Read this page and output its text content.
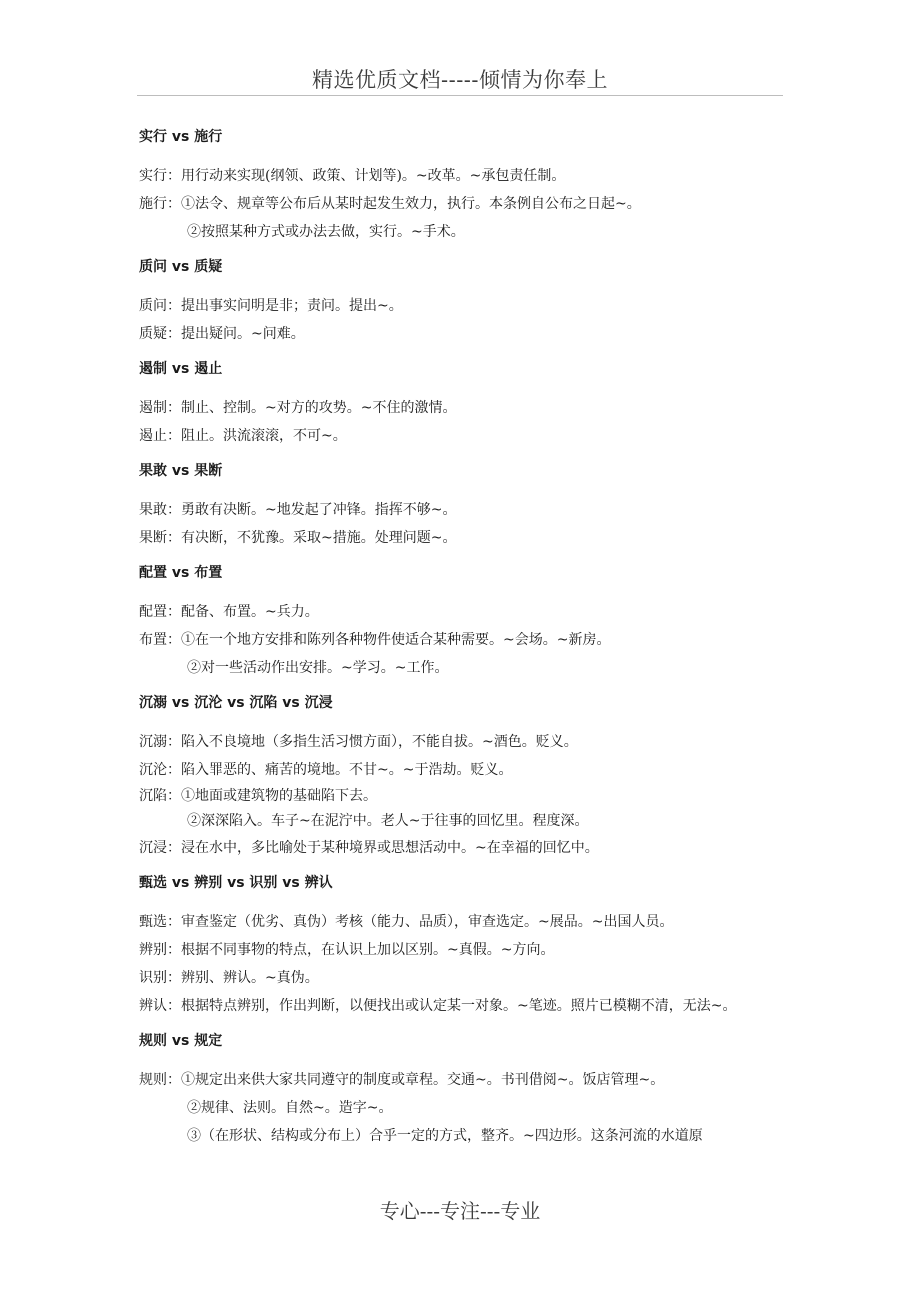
精选优质文档-----倾情为你奉上
实行 vs 施行
实行：用行动来实现(纲领、政策、计划等)。~改革。~承包责任制。
施行：①法令、规章等公布后从某时起发生效力，执行。本条例自公布之日起~。
②按照某种方式或办法去做，实行。~手术。
质问 vs 质疑
质问：提出事实问明是非；责问。提出~。
质疑：提出疑问。~问难。
遏制 vs 遏止
遏制：制止、控制。~对方的攻势。~不住的激情。
遏止：阻止。洪流滚滚，不可~。
果敢 vs 果断
果敢：勇敢有决断。~地发起了冲锋。指挥不够~。
果断：有决断，不犹豫。采取~措施。处理问题~。
配置 vs 布置
配置：配备、布置。~兵力。
布置：①在一个地方安排和陈列各种物件使适合某种需要。~会场。~新房。
②对一些活动作出安排。~学习。~工作。
沉溺 vs 沉沦 vs 沉陷 vs 沉浸
沉溺：陷入不良境地（多指生活习惯方面），不能自拔。~酒色。贬义。
沉沦：陷入罪恶的、痛苦的境地。不甘~。~于浩劫。贬义。
沉陷：①地面或建筑物的基础陷下去。
②深深陷入。车子~在泥泞中。老人~于往事的回忆里。程度深。
沉浸：浸在水中，多比喻处于某种境界或思想活动中。~在幸福的回忆中。
甄选 vs 辨别 vs 识别 vs 辨认
甄选：审查鉴定（优劣、真伪）考核（能力、品质），审查选定。~展品。~出国人员。
辨别：根据不同事物的特点，在认识上加以区别。~真假。~方向。
识别：辨别、辨认。~真伪。
辨认：根据特点辨别，作出判断，以便找出或认定某一对象。~笔迹。照片已模糊不清，无法~。
规则 vs 规定
规则：①规定出来供大家共同遵守的制度或章程。交通~。书刊借阅~。饭店管理~。
②规律、法则。自然~。造字~。
③（在形状、结构或分布上）合乎一定的方式，整齐。~四边形。这条河流的水道原
专心---专注---专业
